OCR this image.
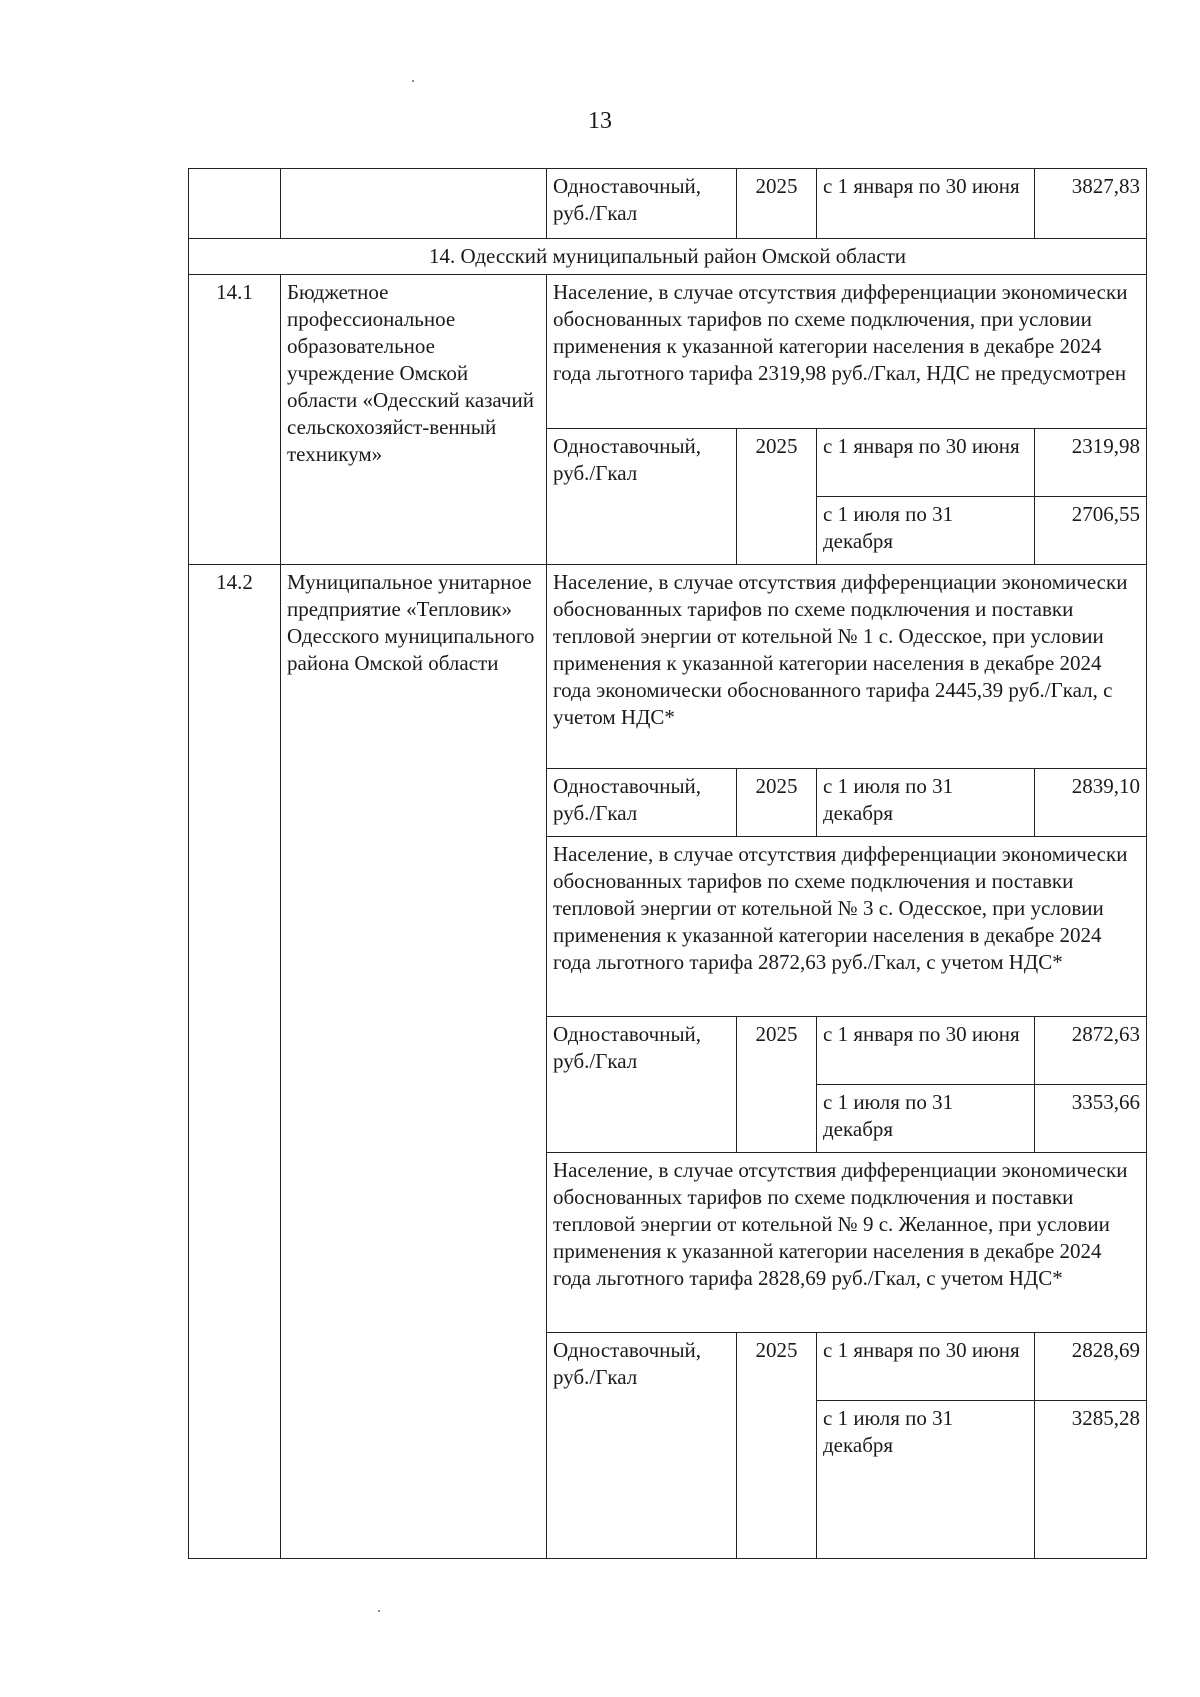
13
		Одноставочный, руб./Гкал	2025	с 1 января по 30 июня	3827,83
14. Одесский муниципальный район Омской области					
14.1	Бюджетное профессиональное образовательное учреждение Омской области «Одесский казачий сельскохозяйст-венный техникум»	Население, в случае отсутствия дифференциации экономически обоснованных тарифов по схеме подключения, при условии применения к указанной категории населения в декабре 2024 года льготного тарифа 2319,98 руб./Гкал, НДС не предусмотрен			
		Одноставочный, руб./Гкал	2025	с 1 января по 30 июня	2319,98
				с 1 июля по 31 декабря	2706,55
14.2	Муниципальное унитарное предприятие «Тепловик» Одесского муниципального района Омской области	Население, в случае отсутствия дифференциации экономически обоснованных тарифов по схеме подключения и поставки тепловой энергии от котельной № 1 с. Одесское, при условии применения к указанной категории населения в декабре 2024 года экономически обоснованного тарифа 2445,39 руб./Гкал, с учетом НДС*			
		Одноставочный, руб./Гкал	2025	с 1 июля по 31 декабря	2839,10
		Население, в случае отсутствия дифференциации экономически обоснованных тарифов по схеме подключения и поставки тепловой энергии от котельной № 3 с. Одесское, при условии применения к указанной категории населения в декабре 2024 года льготного тарифа 2872,63 руб./Гкал, с учетом НДС*			
		Одноставочный, руб./Гкал	2025	с 1 января по 30 июня	2872,63
				с 1 июля по 31 декабря	3353,66
		Население, в случае отсутствия дифференциации экономически обоснованных тарифов по схеме подключения и поставки тепловой энергии от котельной № 9 с. Желанное, при условии применения к указанной категории населения в декабре 2024 года льготного тарифа 2828,69 руб./Гкал, с учетом НДС*			
		Одноставочный, руб./Гкал	2025	с 1 января по 30 июня	2828,69
				с 1 июля по 31 декабря	3285,28
